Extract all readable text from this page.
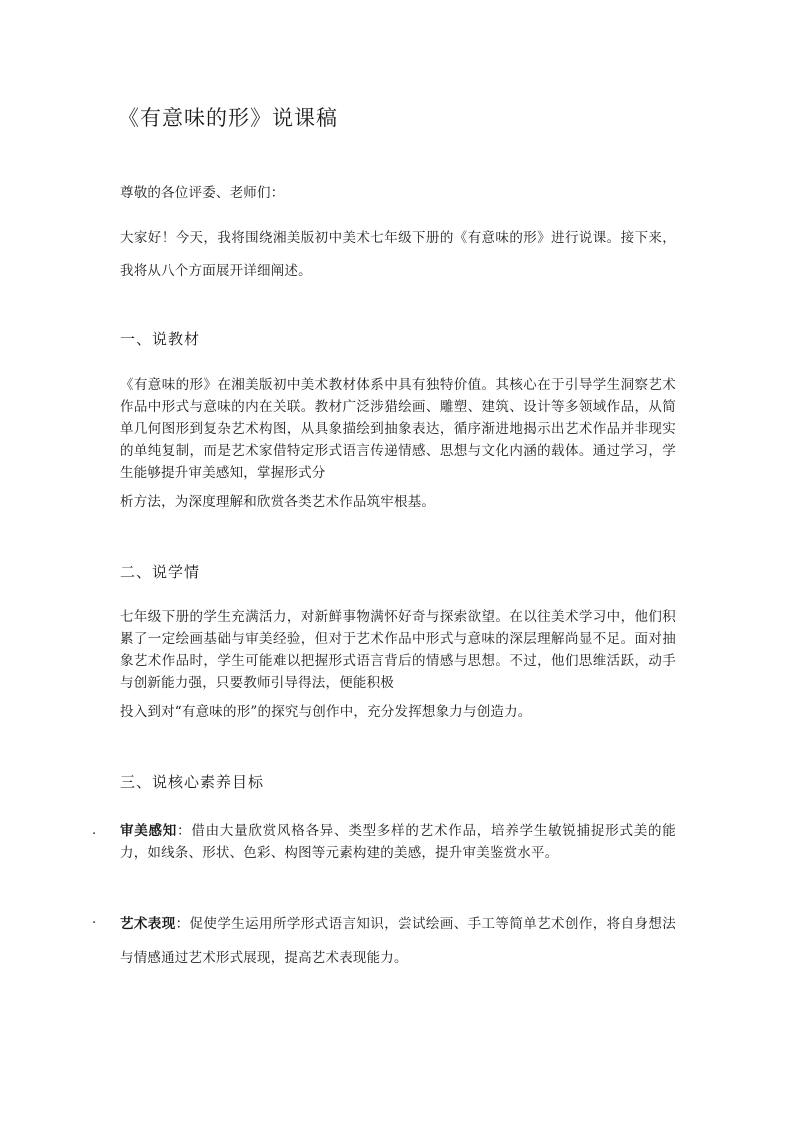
《有意味的形》说课稿
尊敬的各位评委、老师们：
大家好！今天，我将围绕湘美版初中美术七年级下册的《有意味的形》进行说课。接下来，我将从八个方面展开详细阐述。
一、说教材
《有意味的形》在湘美版初中美术教材体系中具有独特价值。其核心在于引导学生洞察艺术作品中形式与意味的内在关联。教材广泛涉猎绘画、雕塑、建筑、设计等多领域作品，从简单几何图形到复杂艺术构图，从具象描绘到抽象表达，循序渐进地揭示出艺术作品并非现实的单纯复制，而是艺术家借特定形式语言传递情感、思想与文化内涵的载体。通过学习，学生能够提升审美感知，掌握形式分
析方法，为深度理解和欣赏各类艺术作品筑牢根基。
二、说学情
七年级下册的学生充满活力，对新鲜事物满怀好奇与探索欲望。在以往美术学习中，他们积累了一定绘画基础与审美经验，但对于艺术作品中形式与意味的深层理解尚显不足。面对抽象艺术作品时，学生可能难以把握形式语言背后的情感与思想。不过，他们思维活跃，动手与创新能力强，只要教师引导得法，便能积极
投入到对“有意味的形”的探究与创作中，充分发挥想象力与创造力。
三、说核心素养目标
. 审美感知：借由大量欣赏风格各异、类型多样的艺术作品，培养学生敏锐捕捉形式美的能力，如线条、形状、色彩、构图等元素构建的美感，提升审美鉴赏水平。
. 艺术表现：促使学生运用所学形式语言知识，尝试绘画、手工等简单艺术创作，将自身想法与情感通过艺术形式展现，提高艺术表现能力。
